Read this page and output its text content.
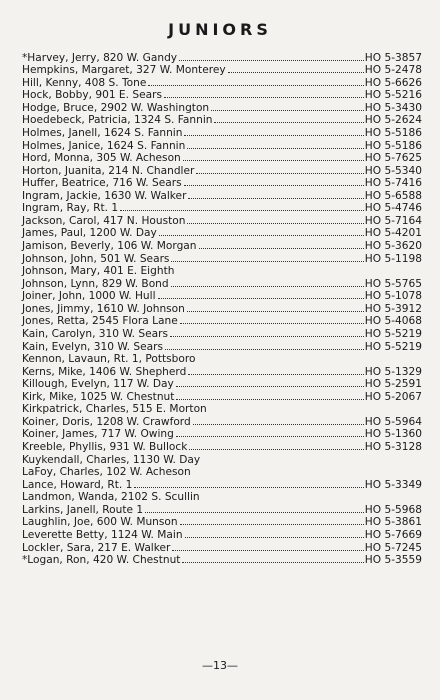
JUNIORS
*Harvey, Jerry, 820 W. Gandy	HO 5-3857
Hempkins, Margaret, 327 W. Monterey	HO 5-2478
Hill, Kenny, 408 S. Tone	HO 5-6626
Hock, Bobby, 901 E. Sears	HO 5-5216
Hodge, Bruce, 2902 W. Washington	HO 5-3430
Hoedebeck, Patricia, 1324 S. Fannin	HO 5-2624
Holmes, Janell, 1624 S. Fannin	HO 5-5186
Holmes, Janice, 1624 S. Fannin	HO 5-5186
Hord, Monna, 305 W. Acheson	HO 5-7625
Horton, Juanita, 214 N. Chandler	HO 5-5340
Huffer, Beatrice, 716 W. Sears	HO 5-7416
Ingram, Jackie, 1630 W. Walker	HO 5-6588
Ingram, Ray, Rt. 1	HO 5-4746
Jackson, Carol, 417 N. Houston	HO 5-7164
James, Paul, 1200 W. Day	HO 5-4201
Jamison, Beverly, 106 W. Morgan	HO 5-3620
Johnson, John, 501 W. Sears	HO 5-1198
Johnson, Mary, 401 E. Eighth
Johnson, Lynn, 829 W. Bond	HO 5-5765
Joiner, John, 1000 W. Hull	HO 5-1078
Jones, Jimmy, 1610 W. Johnson	HO 5-3912
Jones, Retta, 2545 Flora Lane	HO 5-4068
Kain, Carolyn, 310 W. Sears	HO 5-5219
Kain, Evelyn, 310 W. Sears	HO 5-5219
Kennon, Lavaun, Rt. 1, Pottsboro
Kerns, Mike, 1406 W. Shepherd	HO 5-1329
Killough, Evelyn, 117 W. Day	HO 5-2591
Kirk, Mike, 1025 W. Chestnut	HO 5-2067
Kirkpatrick, Charles, 515 E. Morton
Koiner, Doris, 1208 W. Crawford	HO 5-5964
Koiner, James, 717 W. Owing	HO 5-1360
Kreeble, Phyllis, 931 W. Bullock	HO 5-3128
Kuykendall, Charles, 1130 W. Day
LaFoy, Charles, 102 W. Acheson
Lance, Howard, Rt. 1	HO 5-3349
Landmon, Wanda, 2102 S. Scullin
Larkins, Janell, Route 1	HO 5-5968
Laughlin, Joe, 600 W. Munson	HO 5-3861
Leverette Betty, 1124 W. Main	HO 5-7669
Lockler, Sara, 217 E. Walker	HO 5-7245
*Logan, Ron, 420 W. Chestnut	HO 5-3559
—13—
